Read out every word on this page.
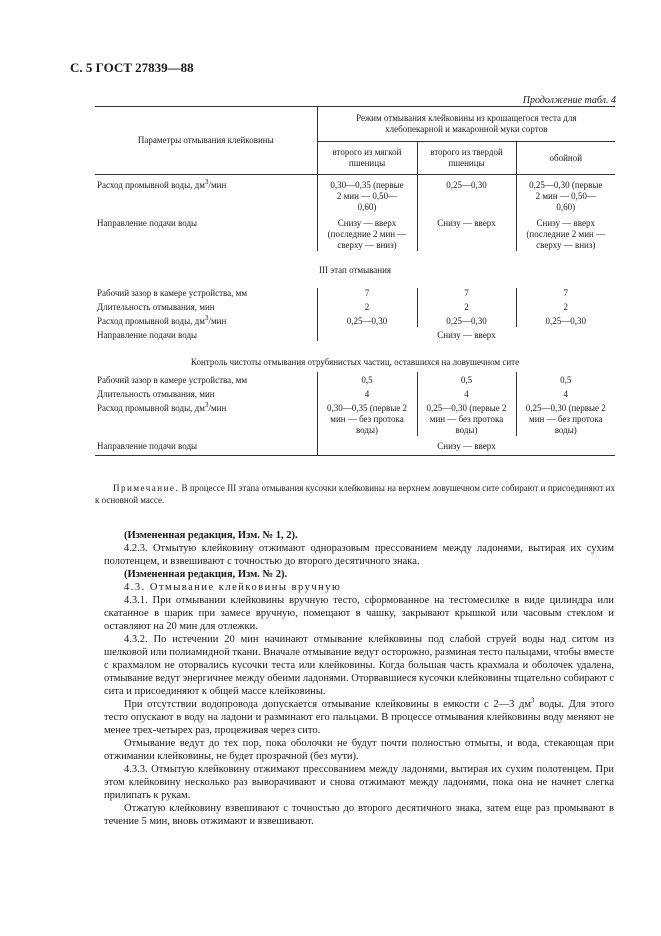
С. 5 ГОСТ 27839—88
Продолжение табл. 4
Параметры отмывания клейковины	Режим отмывания клейковины из крошащегося теста для хлебопекарной и макаронной муки сортов		
	второго из мягкой пшеницы	второго из твердой пшеницы	обойной

Расход промывной воды, $дм^3$/мин	0,30—0,35 (первые 2 мин — 0,50—0,60)	0,25—0,30	0,25—0,30 (первые 2 мин — 0,50—0,60)

Направление подачи воды	Снизу — вверх (последние 2 мин — сверху — вниз)	Снизу — вверх	Снизу — вверх (последние 2 мин — сверху — вниз)
III этап отмывания			
Рабочий зазор в камере устройства, мм	7	7	7
Длительность отмывания, мин	2	2	2
Расход промывной воды, $дм^3$/мин	0,25—0,30	0,25—0,30	0,25—0,30
Направление подачи воды		Снизу — вверх	
Контроль чистоты отмывания отрубянистых частиц, оставшихся на ловушечном сите			
Рабочий зазор в камере устройства, мм	0,5	0,5	0,5
Длительность отмывания, мин	4	4	4
Расход промывной воды, $дм^3$/мин	0,30—0,35 (первые 2 мин — без протока воды)	0,25—0,30 (первые 2 мин — без протока воды)	0,25—0,30 (первые 2 мин — без протока воды)
Направление подачи воды		Снизу — вверх	

Примечание. В процессе III этапа отмывания кусочки клейковины на верхнем ловушечном сите собирают и присоединяют их к основной массе.

(Измененная редакция, Изм. № 1, 2).

4.2.3. Отмытую клейковину отжимают одноразовым прессованием между ладонями, вытирая их сухим полотенцем, и взвешивают с точностью до второго десятичного знака.

(Измененная редакция, Изм. № 2).

4.3. Отмывание клейковины вручную

4.3.1. При отмывании клейковины вручную тесто, сформованное на тестомесилке в виде цилиндра или скатанное в шарик при замесе вручную, помещают в чашку, закрывают крышкой или часовым стеклом и оставляют на 20 мин для отлежки.

4.3.2. По истечении 20 мин начинают отмывание клейковины под слабой струей воды над ситом из шелковой или полиамидной ткани. Вначале отмывание ведут осторожно, разминая тесто пальцами, чтобы вместе с крахмалом не оторвались кусочки теста или клейковины. Когда большая часть крахмала и оболочек удалена, отмывание ведут энергичнее между обеими ладонями. Оторвавшиеся кусочки клейковины тщательно собирают с сита и присоединяют к общей массе клейковины.

При отсутствии водопровода допускается отмывание клейковины в емкости с 2—3 $дм^3$ воды. Для этого тесто опускают в воду на ладони и разминают его пальцами. В процессе отмывания клейковины воду меняют не менее трех-четырех раз, процеживая через сито.

Отмывание ведут до тех пор, пока оболочки не будут почти полностью отмыты, и вода, стекающая при отжимании клейковины, не будет прозрачной (без мути).

4.3.3. Отмытую клейковину отжимают прессованием между ладонями, вытирая их сухим полотенцем. При этом клейковину несколько раз выворачивают и снова отжимают между ладонями, пока она не начнет слегка прилипать к рукам.

Отжатую клейковину взвешивают с точностью до второго десятичного знака, затем еще раз промывают в течение 5 мин, вновь отжимают и взвешивают.
